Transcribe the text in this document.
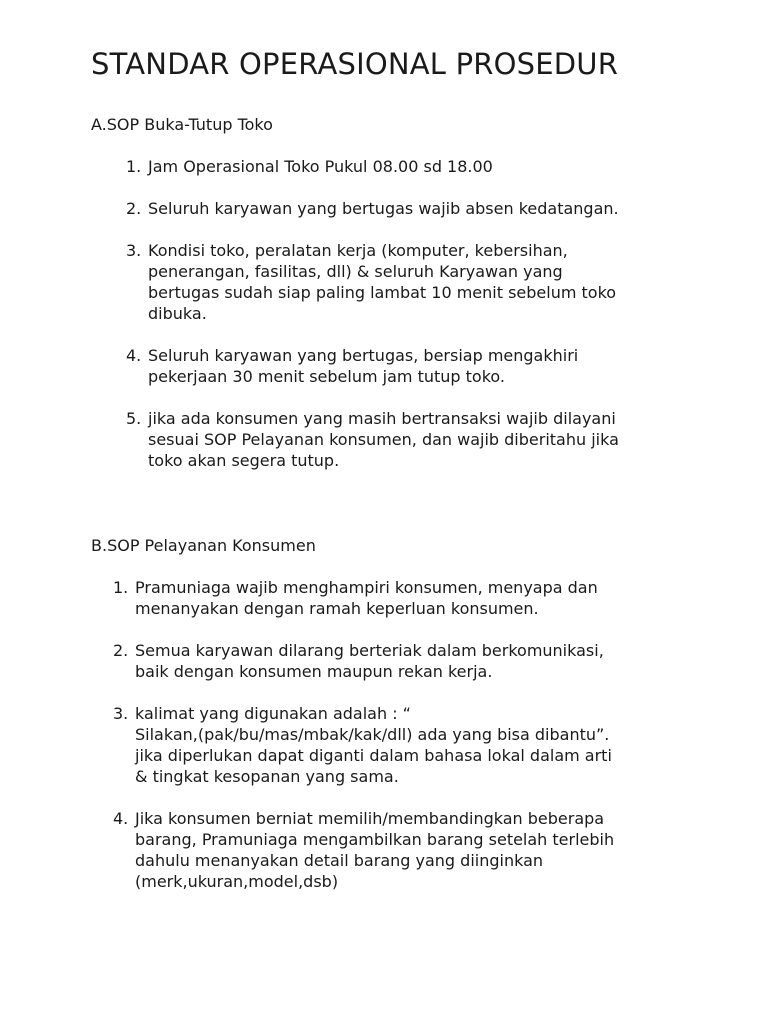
STANDAR OPERASIONAL PROSEDUR
A.SOP Buka-Tutup Toko
1. Jam Operasional Toko Pukul 08.00 sd 18.00
2. Seluruh karyawan yang bertugas wajib absen kedatangan.
3. Kondisi toko, peralatan kerja (komputer, kebersihan,
penerangan, fasilitas, dll) & seluruh Karyawan yang
bertugas sudah siap paling lambat 10 menit sebelum toko
dibuka.
4. Seluruh karyawan yang bertugas, bersiap mengakhiri
pekerjaan 30 menit sebelum jam tutup toko.
5. jika ada konsumen yang masih bertransaksi wajib dilayani
sesuai SOP Pelayanan konsumen, dan wajib diberitahu jika
toko akan segera tutup.
B.SOP Pelayanan Konsumen
1. Pramuniaga wajib menghampiri konsumen, menyapa dan
menanyakan dengan ramah keperluan konsumen.
2. Semua karyawan dilarang berteriak dalam berkomunikasi,
baik dengan konsumen maupun rekan kerja.
3. kalimat yang digunakan adalah : “
Silakan,(pak/bu/mas/mbak/kak/dll) ada yang bisa dibantu”.
jika diperlukan dapat diganti dalam bahasa lokal dalam arti
& tingkat kesopanan yang sama.
4. Jika konsumen berniat memilih/membandingkan beberapa
barang, Pramuniaga mengambilkan barang setelah terlebih
dahulu menanyakan detail barang yang diinginkan
(merk,ukuran,model,dsb)
